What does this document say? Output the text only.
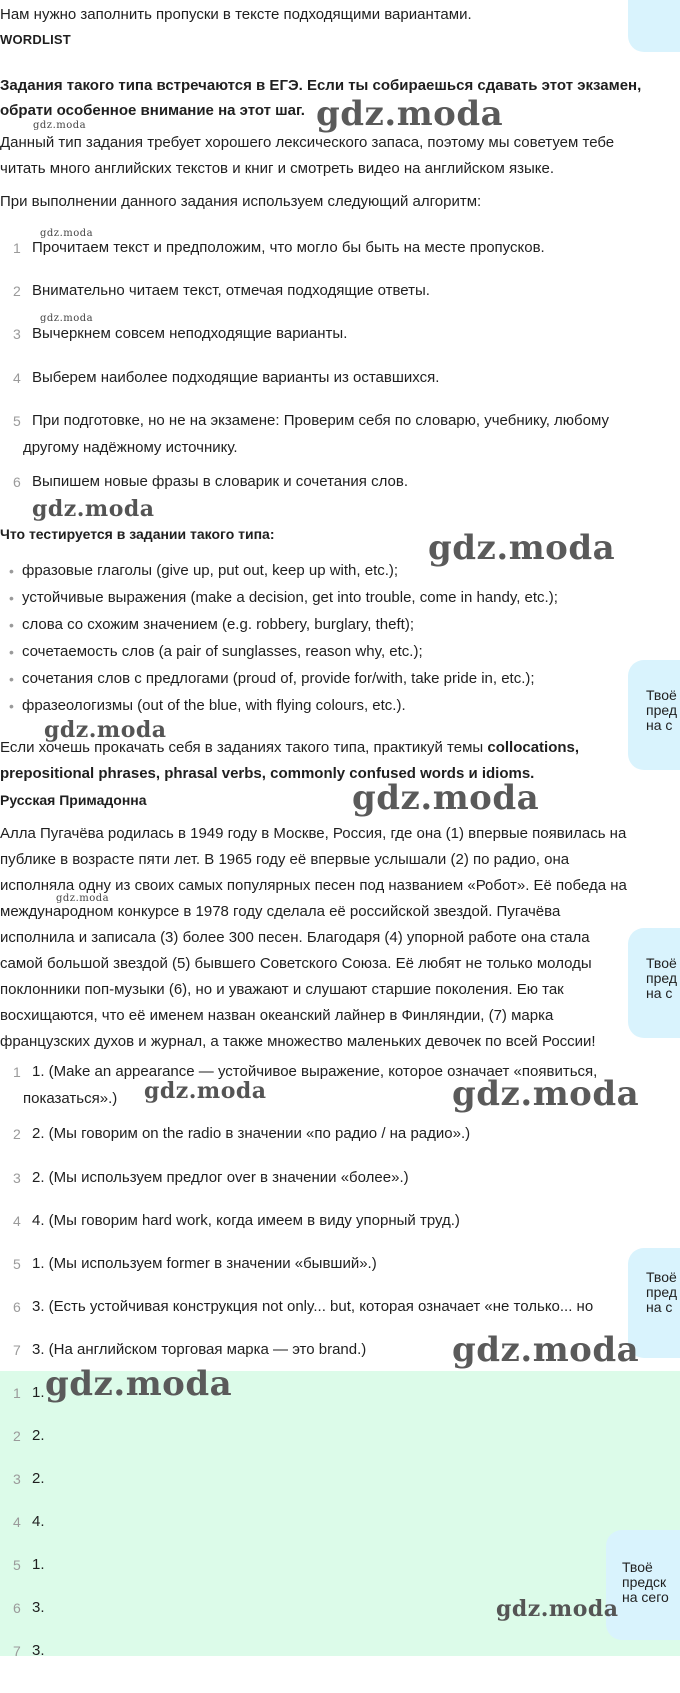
Нам нужно заполнить пропуски в тексте подходящими вариантами.
WORDLIST
Задания такого типа встречаются в ЕГЭ. Если ты собираешься сдавать этот экзамен,
обрати особенное внимание на этот шаг.
Данный тип задания требует хорошего лексического запаса, поэтому мы советуем тебе
читать много английских текстов и книг и смотреть видео на английском языке.
При выполнении данного задания используем следующий алгоритм:
1 Прочитаем текст и предположим, что могло бы быть на месте пропусков.
2 Внимательно читаем текст, отмечая подходящие ответы.
3 Вычеркнем совсем неподходящие варианты.
4 Выберем наиболее подходящие варианты из оставшихся.
5 При подготовке, но не на экзамене: Проверим себя по словарю, учебнику, любому
другому надёжному источнику.
6 Выпишем новые фразы в словарик и сочетания слов.
Что тестируется в задании такого типа:
• фразовые глаголы (give up, put out, keep up with, etc.);
• устойчивые выражения (make a decision, get into trouble, come in handy, etc.);
• слова со схожим значением (e.g. robbery, burglary, theft);
• сочетаемость слов (a pair of sunglasses, reason why, etc.);
• сочетания слов с предлогами (proud of, provide for/with, take pride in, etc.);
• фразеологизмы (out of the blue, with flying colours, etc.).
Если хочешь прокачать себя в заданиях такого типа, практикуй темы collocations,
prepositional phrases, phrasal verbs, commonly confused words и idioms.
Русская Примадонна
Алла Пугачёва родилась в 1949 году в Москве, Россия, где она (1) впервые появилась на
публике в возрасте пяти лет. В 1965 году её впервые услышали (2) по радио, она
исполняла одну из своих самых популярных песен под названием «Робот». Её победа на
международном конкурсе в 1978 году сделала её российской звездой. Пугачёва
исполнила и записала (3) более 300 песен. Благодаря (4) упорной работе она стала
самой большой звездой (5) бывшего Советского Союза. Её любят не только молоды
поклонники поп-музыки (6), но и уважают и слушают старшие поколения. Ею так
восхищаются, что её именем назван океанский лайнер в Финляндии, (7) марка
французских духов и журнал, а также множество маленьких девочек по всей России!
1 1. (Make an appearance — устойчивое выражение, которое означает «появиться,
показаться».)
2 2. (Мы говорим on the radio в значении «по радио / на радио».)
3 2. (Мы используем предлог over в значении «более».)
4 4. (Мы говорим hard work, когда имеем в виду упорный труд.)
5 1. (Мы используем former в значении «бывший».)
6 3. (Есть устойчивая конструкция not only... but, которая означает «не только... но
7 3. (На английском торговая марка — это brand.)
1 1.
2 2.
3 2.
4 4.
5 1.
6 3.
7 3.
Твоё
пред
на с
Твоё
пред
на с
Твоё
пред
на с
Твоё
предск
на сего
gdz.moda
gdz.moda
gdz.moda
gdz.moda
gdz.moda
gdz.moda
gdz.moda
gdz.moda
gdz.moda
gdz.moda	gdz.moda
gdz.moda
gdz.moda
gdz.moda
